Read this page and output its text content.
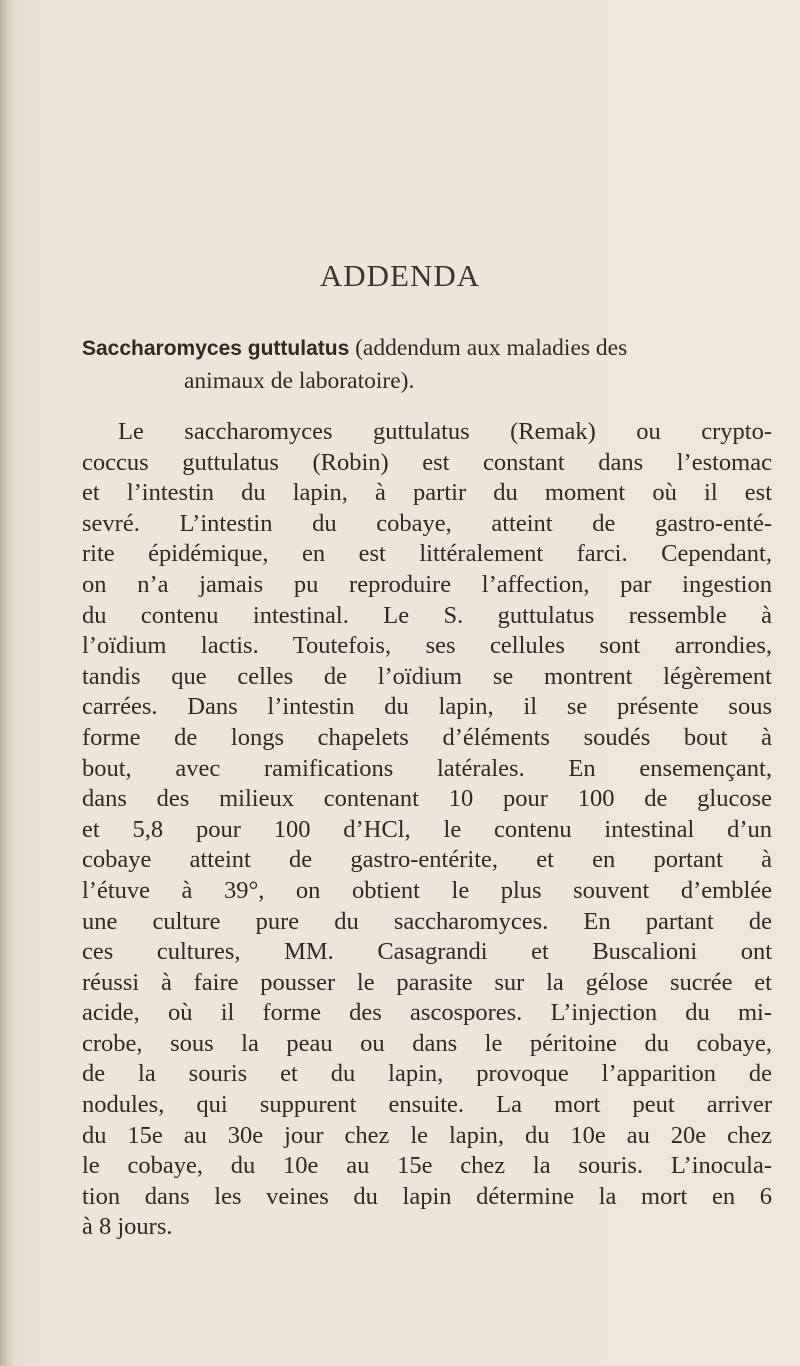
ADDENDA

Saccharomyces guttulatus (addendum aux maladies des

animaux de laboratoire).

Le saccharomyces guttulatus (Remak) ou crypto-
coccus guttulatus (Robin) est constant dans l’estomac
et l’intestin du lapin, à partir du moment où il est
sevré. L’intestin du cobaye, atteint de gastro-enté-
rite épidémique, en est littéralement farci. Cependant,
on n’a jamais pu reproduire l’affection, par ingestion
du contenu intestinal. Le S. guttulatus ressemble à
l’oïdium lactis. Toutefois, ses cellules sont arrondies,
tandis que celles de l’oïdium se montrent légèrement
carrées. Dans l’intestin du lapin, il se présente sous
forme de longs chapelets d’éléments soudés bout à
bout, avec ramifications latérales. En ensemençant,
dans des milieux contenant 10 pour 100 de glucose
et 5,8 pour 100 d’HCl, le contenu intestinal d’un
cobaye atteint de gastro-entérite, et en portant à
l’étuve à 39°, on obtient le plus souvent d’emblée
une culture pure du saccharomyces. En partant de
ces cultures, MM. Casagrandi et Buscalioni ont
réussi à faire pousser le parasite sur la gélose sucrée et
acide, où il forme des ascospores. L’injection du mi-
crobe, sous la peau ou dans le péritoine du cobaye,
de la souris et du lapin, provoque l’apparition de
nodules, qui suppurent ensuite. La mort peut arriver
du 15e au 30e jour chez le lapin, du 10e au 20e chez
le cobaye, du 10e au 15e chez la souris. L’inocula-
tion dans les veines du lapin détermine la mort en 6
à 8 jours.
